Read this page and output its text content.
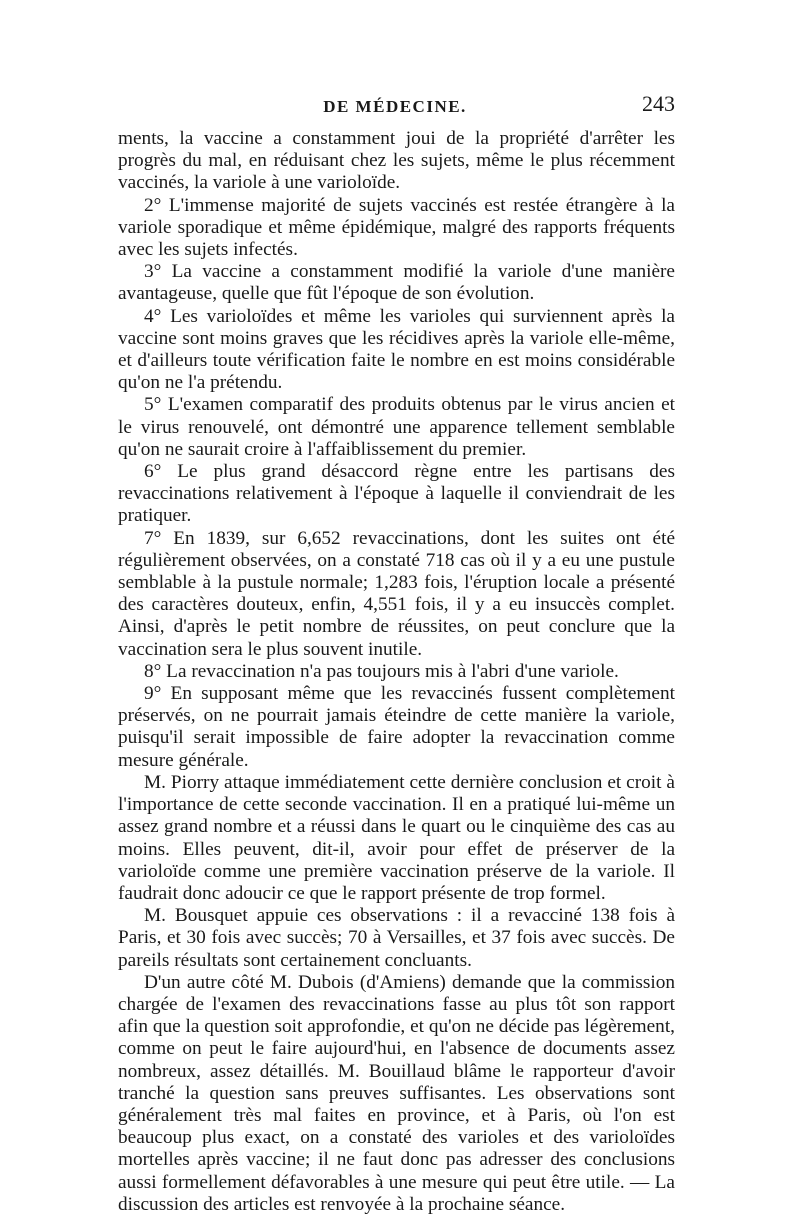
DE MÉDECINE.	243

ments, la vaccine a constamment joui de la propriété d'arrêter les progrès du mal, en réduisant chez les sujets, même le plus récemment vaccinés, la variole à une varioloïde.

2° L'immense majorité de sujets vaccinés est restée étrangère à la variole sporadique et même épidémique, malgré des rapports fréquents avec les sujets infectés.

3° La vaccine a constamment modifié la variole d'une manière avantageuse, quelle que fût l'époque de son évolution.

4° Les varioloïdes et même les varioles qui surviennent après la vaccine sont moins graves que les récidives après la variole elle-même, et d'ailleurs toute vérification faite le nombre en est moins considérable qu'on ne l'a prétendu.

5° L'examen comparatif des produits obtenus par le virus ancien et le virus renouvelé, ont démontré une apparence tellement semblable qu'on ne saurait croire à l'affaiblissement du premier.

6° Le plus grand désaccord règne entre les partisans des revaccinations relativement à l'époque à laquelle il conviendrait de les pratiquer.

7° En 1839, sur 6,652 revaccinations, dont les suites ont été régulièrement observées, on a constaté 718 cas où il y a eu une pustule semblable à la pustule normale; 1,283 fois, l'éruption locale a présenté des caractères douteux, enfin, 4,551 fois, il y a eu insuccès complet. Ainsi, d'après le petit nombre de réussites, on peut conclure que la vaccination sera le plus souvent inutile.

8° La revaccination n'a pas toujours mis à l'abri d'une variole.

9° En supposant même que les revaccinés fussent complètement préservés, on ne pourrait jamais éteindre de cette manière la variole, puisqu'il serait impossible de faire adopter la revaccination comme mesure générale.

M. Piorry attaque immédiatement cette dernière conclusion et croit à l'importance de cette seconde vaccination. Il en a pratiqué lui-même un assez grand nombre et a réussi dans le quart ou le cinquième des cas au moins. Elles peuvent, dit-il, avoir pour effet de préserver de la varioloïde comme une première vaccination préserve de la variole. Il faudrait donc adoucir ce que le rapport présente de trop formel.

M. Bousquet appuie ces observations : il a revacciné 138 fois à Paris, et 30 fois avec succès; 70 à Versailles, et 37 fois avec succès. De pareils résultats sont certainement concluants.

D'un autre côté M. Dubois (d'Amiens) demande que la commission chargée de l'examen des revaccinations fasse au plus tôt son rapport afin que la question soit approfondie, et qu'on ne décide pas légèrement, comme on peut le faire aujourd'hui, en l'absence de documents assez nombreux, assez détaillés. M. Bouillaud blâme le rapporteur d'avoir tranché la question sans preuves suffisantes. Les observations sont généralement très mal faites en province, et à Paris, où l'on est beaucoup plus exact, on a constaté des varioles et des varioloïdes mortelles après vaccine; il ne faut donc pas adresser des conclusions aussi formellement défavorables à une mesure qui peut être utile. — La discussion des articles est renvoyée à la prochaine séance.
